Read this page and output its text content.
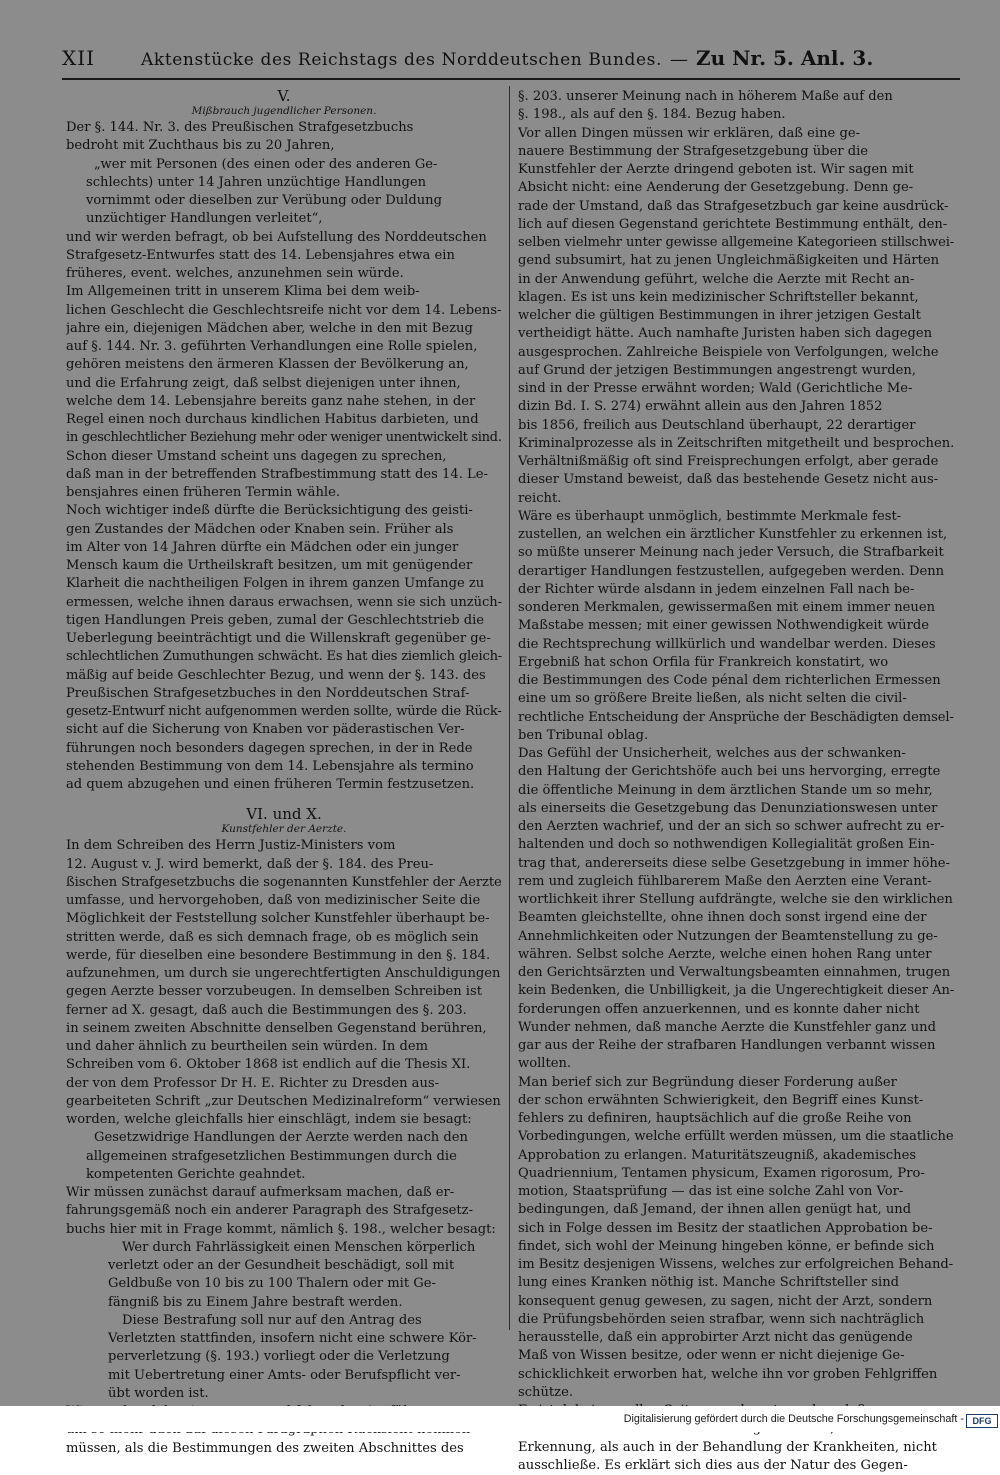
XII	Aktenstücke des Reichstags des Norddeutschen Bundes. — Zu Nr. 5. Anl. 3.
V.
Mißbrauch jugendlicher Personen.

Der §. 144. Nr. 3. des Preußischen Strafgesetzbuchs

bedroht mit Zuchthaus bis zu 20 Jahren,

„wer mit Personen (des einen oder des anderen Ge-

schlechts) unter 14 Jahren unzüchtige Handlungen

vornimmt oder dieselben zur Verübung oder Duldung

unzüchtiger Handlungen verleitet“,

und wir werden befragt, ob bei Aufstellung des Norddeutschen

Strafgesetz-Entwurfes statt des 14. Lebensjahres etwa ein

früheres, event. welches, anzunehmen sein würde.

Im Allgemeinen tritt in unserem Klima bei dem weib-

lichen Geschlecht die Geschlechtsreife nicht vor dem 14. Lebens-

jahre ein, diejenigen Mädchen aber, welche in den mit Bezug

auf §. 144. Nr. 3. geführten Verhandlungen eine Rolle spielen,

gehören meistens den ärmeren Klassen der Bevölkerung an,

und die Erfahrung zeigt, daß selbst diejenigen unter ihnen,

welche dem 14. Lebensjahre bereits ganz nahe stehen, in der

Regel einen noch durchaus kindlichen Habitus darbieten, und

in geschlechtlicher Beziehung mehr oder weniger unentwickelt sind.

Schon dieser Umstand scheint uns dagegen zu sprechen,

daß man in der betreffenden Strafbestimmung statt des 14. Le-

bensjahres einen früheren Termin wähle.

Noch wichtiger indeß dürfte die Berücksichtigung des geisti-

gen Zustandes der Mädchen oder Knaben sein. Früher als

im Alter von 14 Jahren dürfte ein Mädchen oder ein junger

Mensch kaum die Urtheilskraft besitzen, um mit genügender

Klarheit die nachtheiligen Folgen in ihrem ganzen Umfange zu

ermessen, welche ihnen daraus erwachsen, wenn sie sich unzüch-

tigen Handlungen Preis geben, zumal der Geschlechtstrieb die

Ueberlegung beeinträchtigt und die Willenskraft gegenüber ge-

schlechtlichen Zumuthungen schwächt. Es hat dies ziemlich gleich-

mäßig auf beide Geschlechter Bezug, und wenn der §. 143. des

Preußischen Strafgesetzbuches in den Norddeutschen Straf-

gesetz-Entwurf nicht aufgenommen werden sollte, würde die Rück-

sicht auf die Sicherung von Knaben vor päderastischen Ver-

führungen noch besonders dagegen sprechen, in der in Rede

stehenden Bestimmung von dem 14. Lebensjahre als termino

ad quem abzugehen und einen früheren Termin festzusetzen.

VI. und X.
Kunstfehler der Aerzte.

In dem Schreiben des Herrn Justiz-Ministers vom

12. August v. J. wird bemerkt, daß der §. 184. des Preu-

ßischen Strafgesetzbuchs die sogenannten Kunstfehler der Aerzte

umfasse, und hervorgehoben, daß von medizinischer Seite die

Möglichkeit der Feststellung solcher Kunstfehler überhaupt be-

stritten werde, daß es sich demnach frage, ob es möglich sein

werde, für dieselben eine besondere Bestimmung in den §. 184.

aufzunehmen, um durch sie ungerechtfertigten Anschuldigungen

gegen Aerzte besser vorzubeugen. In demselben Schreiben ist

ferner ad X. gesagt, daß auch die Bestimmungen des §. 203.

in seinem zweiten Abschnitte denselben Gegenstand berühren,

und daher ähnlich zu beurtheilen sein würden. In dem

Schreiben vom 6. Oktober 1868 ist endlich auf die Thesis XI.

der von dem Professor Dr H. E. Richter zu Dresden aus-

gearbeiteten Schrift „zur Deutschen Medizinalreform“ verwiesen

worden, welche gleichfalls hier einschlägt, indem sie besagt:

Gesetzwidrige Handlungen der Aerzte werden nach den

allgemeinen strafgesetzlichen Bestimmungen durch die

kompetenten Gerichte geahndet.

Wir müssen zunächst darauf aufmerksam machen, daß er-

fahrungsgemäß noch ein anderer Paragraph des Strafgesetz-

buchs hier mit in Frage kommt, nämlich §. 198., welcher besagt:

Wer durch Fahrlässigkeit einen Menschen körperlich

verletzt oder an der Gesundheit beschädigt, soll mit

Geldbuße von 10 bis zu 100 Thalern oder mit Ge-

fängniß bis zu Einem Jahre bestraft werden.

Diese Bestrafung soll nur auf den Antrag des

Verletzten stattfinden, insofern nicht eine schwere Kör-

perverletzung (§. 193.) vorliegt oder die Verletzung

mit Uebertretung einer Amts- oder Berufspflicht ver-

übt worden ist.

müssen, als die Bestimmungen des zweiten Abschnittes des

§. 203. unserer Meinung nach in höherem Maße auf den

§. 198., als auf den §. 184. Bezug haben.

Vor allen Dingen müssen wir erklären, daß eine ge-

nauere Bestimmung der Strafgesetzgebung über die

Kunstfehler der Aerzte dringend geboten ist. Wir sagen mit

Absicht nicht: eine Aenderung der Gesetzgebung. Denn ge-

rade der Umstand, daß das Strafgesetzbuch gar keine ausdrück-

lich auf diesen Gegenstand gerichtete Bestimmung enthält, den-

selben vielmehr unter gewisse allgemeine Kategorieen stillschwei-

gend subsumirt, hat zu jenen Ungleichmäßigkeiten und Härten

in der Anwendung geführt, welche die Aerzte mit Recht an-

klagen. Es ist uns kein medizinischer Schriftsteller bekannt,

welcher die gültigen Bestimmungen in ihrer jetzigen Gestalt

vertheidigt hätte. Auch namhafte Juristen haben sich dagegen

ausgesprochen. Zahlreiche Beispiele von Verfolgungen, welche

auf Grund der jetzigen Bestimmungen angestrengt wurden,

sind in der Presse erwähnt worden; Wald (Gerichtliche Me-

dizin Bd. I. S. 274) erwähnt allein aus den Jahren 1852

bis 1856, freilich aus Deutschland überhaupt, 22 derartiger

Kriminalprozesse als in Zeitschriften mitgetheilt und besprochen.

Verhältnißmäßig oft sind Freisprechungen erfolgt, aber gerade

dieser Umstand beweist, daß das bestehende Gesetz nicht aus-

reicht.

Wäre es überhaupt unmöglich, bestimmte Merkmale fest-

zustellen, an welchen ein ärztlicher Kunstfehler zu erkennen ist,

so müßte unserer Meinung nach jeder Versuch, die Strafbarkeit

derartiger Handlungen festzustellen, aufgegeben werden. Denn

der Richter würde alsdann in jedem einzelnen Fall nach be-

sonderen Merkmalen, gewissermaßen mit einem immer neuen

Maßstabe messen; mit einer gewissen Nothwendigkeit würde

die Rechtsprechung willkürlich und wandelbar werden. Dieses

Ergebniß hat schon Orfila für Frankreich konstatirt, wo

die Bestimmungen des Code pénal dem richterlichen Ermessen

eine um so größere Breite ließen, als nicht selten die civil-

rechtliche Entscheidung der Ansprüche der Beschädigten demsel-

ben Tribunal oblag.

Das Gefühl der Unsicherheit, welches aus der schwanken-

den Haltung der Gerichtshöfe auch bei uns hervorging, erregte

die öffentliche Meinung in dem ärztlichen Stande um so mehr,

als einerseits die Gesetzgebung das Denunziationswesen unter

den Aerzten wachrief, und der an sich so schwer aufrecht zu er-

haltenden und doch so nothwendigen Kollegialität großen Ein-

trag that, andererseits diese selbe Gesetzgebung in immer höhe-

rem und zugleich fühlbarerem Maße den Aerzten eine Verant-

wortlichkeit ihrer Stellung aufdrängte, welche sie den wirklichen

Beamten gleichstellte, ohne ihnen doch sonst irgend eine der

Annehmlichkeiten oder Nutzungen der Beamtenstellung zu ge-

währen. Selbst solche Aerzte, welche einen hohen Rang unter

den Gerichtsärzten und Verwaltungsbeamten einnahmen, trugen

kein Bedenken, die Unbilligkeit, ja die Ungerechtigkeit dieser An-

forderungen offen anzuerkennen, und es konnte daher nicht

Wunder nehmen, daß manche Aerzte die Kunstfehler ganz und

gar aus der Reihe der strafbaren Handlungen verbannt wissen

wollten.

Man berief sich zur Begründung dieser Forderung außer

der schon erwähnten Schwierigkeit, den Begriff eines Kunst-

fehlers zu definiren, hauptsächlich auf die große Reihe von

Vorbedingungen, welche erfüllt werden müssen, um die staatliche

Approbation zu erlangen. Maturitätszeugniß, akademisches

Quadriennium, Tentamen physicum, Examen rigorosum, Pro-

motion, Staatsprüfung — das ist eine solche Zahl von Vor-

bedingungen, daß Jemand, der ihnen allen genügt hat, und

sich in Folge dessen im Besitz der staatlichen Approbation be-

findet, sich wohl der Meinung hingeben könne, er befinde sich

im Besitz desjenigen Wissens, welches zur erfolgreichen Behand-

lung eines Kranken nöthig ist. Manche Schriftsteller sind

konsequent genug gewesen, zu sagen, nicht der Arzt, sondern

die Prüfungsbehörden seien strafbar, wenn sich nachträglich

herausstelle, daß ein approbirter Arzt nicht das genügende

Maß von Wissen besitze, oder wenn er nicht diejenige Ge-

schicklichkeit erworben hat, welche ihn vor groben Fehlgriffen

schütze.

Erkennung, als auch in der Behandlung der Krankheiten, nicht

ausschließe. Es erklärt sich dies aus der Natur des Gegen-

Digitalisierung gefördert durch die Deutsche Forschungsgemeinschaft - DFG
